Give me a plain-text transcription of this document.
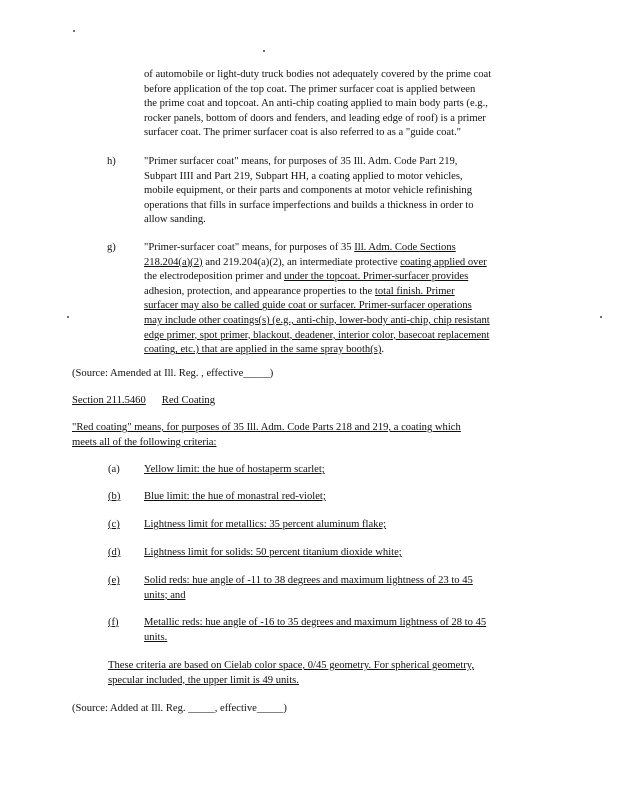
of automobile or light-duty truck bodies not adequately covered by the prime coat
before application of the top coat. The primer surfacer coat is applied between
the prime coat and topcoat. An anti-chip coating applied to main body parts (e.g.,
rocker panels, bottom of doors and fenders, and leading edge of roof) is a primer
surfacer coat. The primer surfacer coat is also referred to as a "guide coat."
h)	"Primer surfacer coat" means, for purposes of 35 Ill. Adm. Code Part 219,
Subpart IIII and Part 219, Subpart HH, a coating applied to motor vehicles,
mobile equipment, or their parts and components at motor vehicle refinishing
operations that fills in surface imperfections and builds a thickness in order to
allow sanding.
g)	"Primer-surfacer coat" means, for purposes of 35 Ill. Adm. Code Sections
218.204(a)(2) and 219.204(a)(2), an intermediate protective coating applied over
the electrodeposition primer and under the topcoat. Primer-surfacer provides
adhesion, protection, and appearance properties to the total finish. Primer
surfacer may also be called guide coat or surfacer. Primer-surfacer operations
may include other coatings(s) (e.g., anti-chip, lower-body anti-chip, chip resistant
edge primer, spot primer, blackout, deadener, interior color, basecoat replacement
coating, etc.) that are applied in the same spray booth(s).
(Source: Amended at Ill. Reg. , effective_____)
Section 211.5460 Red Coating
"Red coating" means, for purposes of 35 Ill. Adm. Code Parts 218 and 219, a coating which
meets all of the following criteria:
(a) Yellow limit: the hue of hostaperm scarlet;
(b) Blue limit: the hue of monastral red-violet;
(c) Lightness limit for metallics: 35 percent aluminum flake;
(d) Lightness limit for solids: 50 percent titanium dioxide white;
(e) Solid reds: hue angle of -11 to 38 degrees and maximum lightness of 23 to 45
units; and
(f) Metallic reds: hue angle of -16 to 35 degrees and maximum lightness of 28 to 45
units.
These criteria are based on Cielab color space, 0/45 geometry. For spherical geometry,
specular included, the upper limit is 49 units.
(Source: Added at Ill. Reg. _____, effective_____)
